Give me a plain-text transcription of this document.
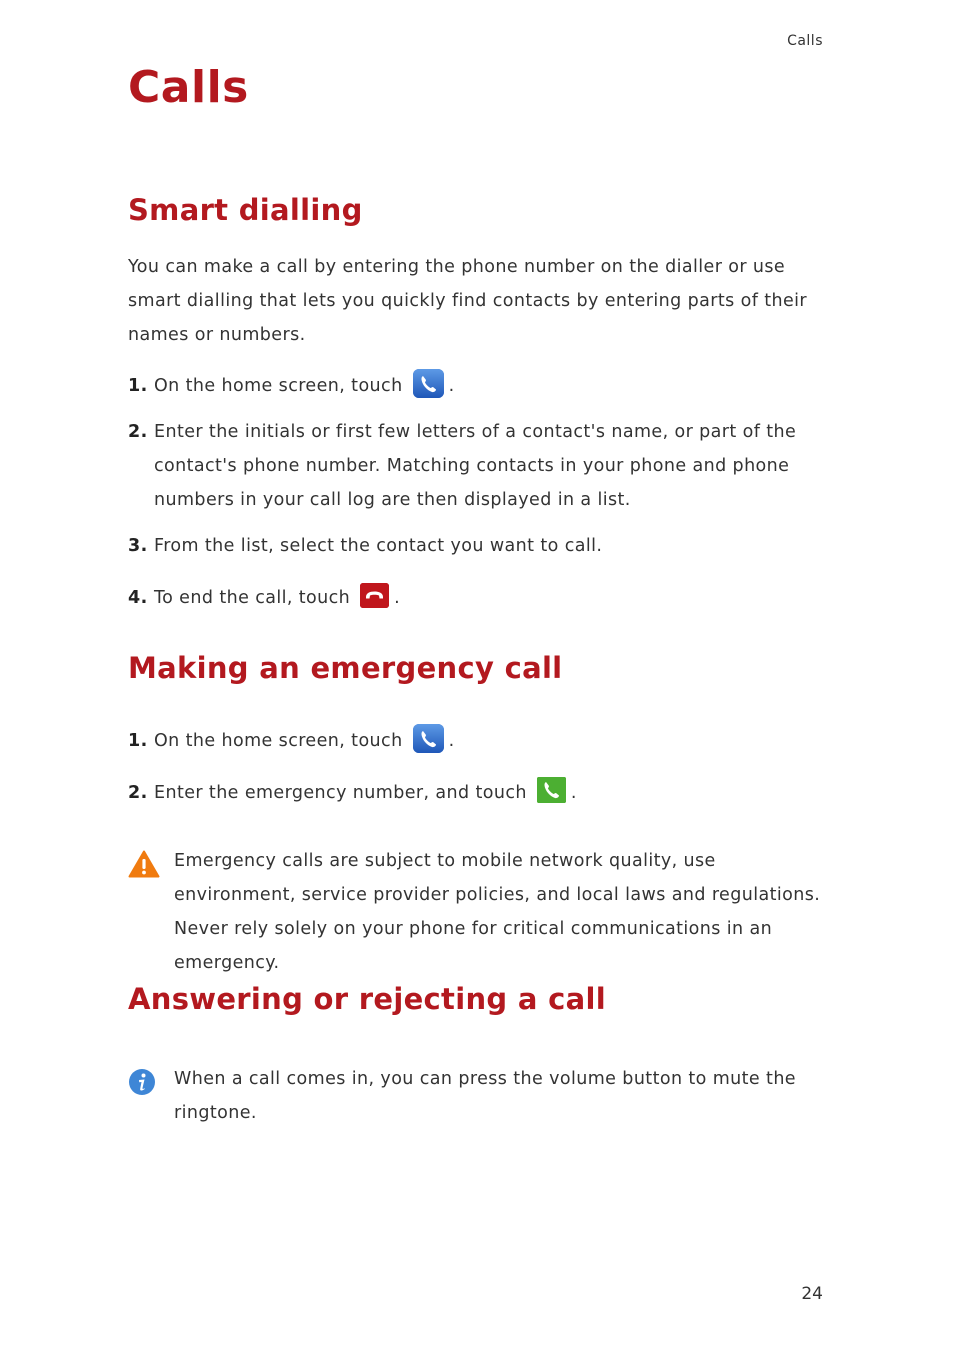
Calls
Calls
Smart dialling

You can make a call by entering the phone number on the dialler or use smart dialling that lets you quickly find contacts by entering parts of their names or numbers.

1. On the home screen, touch	.
2. Enter the initials or first few letters of a contact's name, or part of the contact's phone number. Matching contacts in your phone and phone numbers in your call log are then displayed in a list.
3. From the list, select the contact you want to call.
4. To end the call, touch	.
Making an emergency call
1. On the home screen, touch	.
2. Enter the emergency number, and touch	.
Emergency calls are subject to mobile network quality, use environment, service provider policies, and local laws and regulations. Never rely solely on your phone for critical communications in an emergency.
Answering or rejecting a call
When a call comes in, you can press the volume button to mute the ringtone.
24
